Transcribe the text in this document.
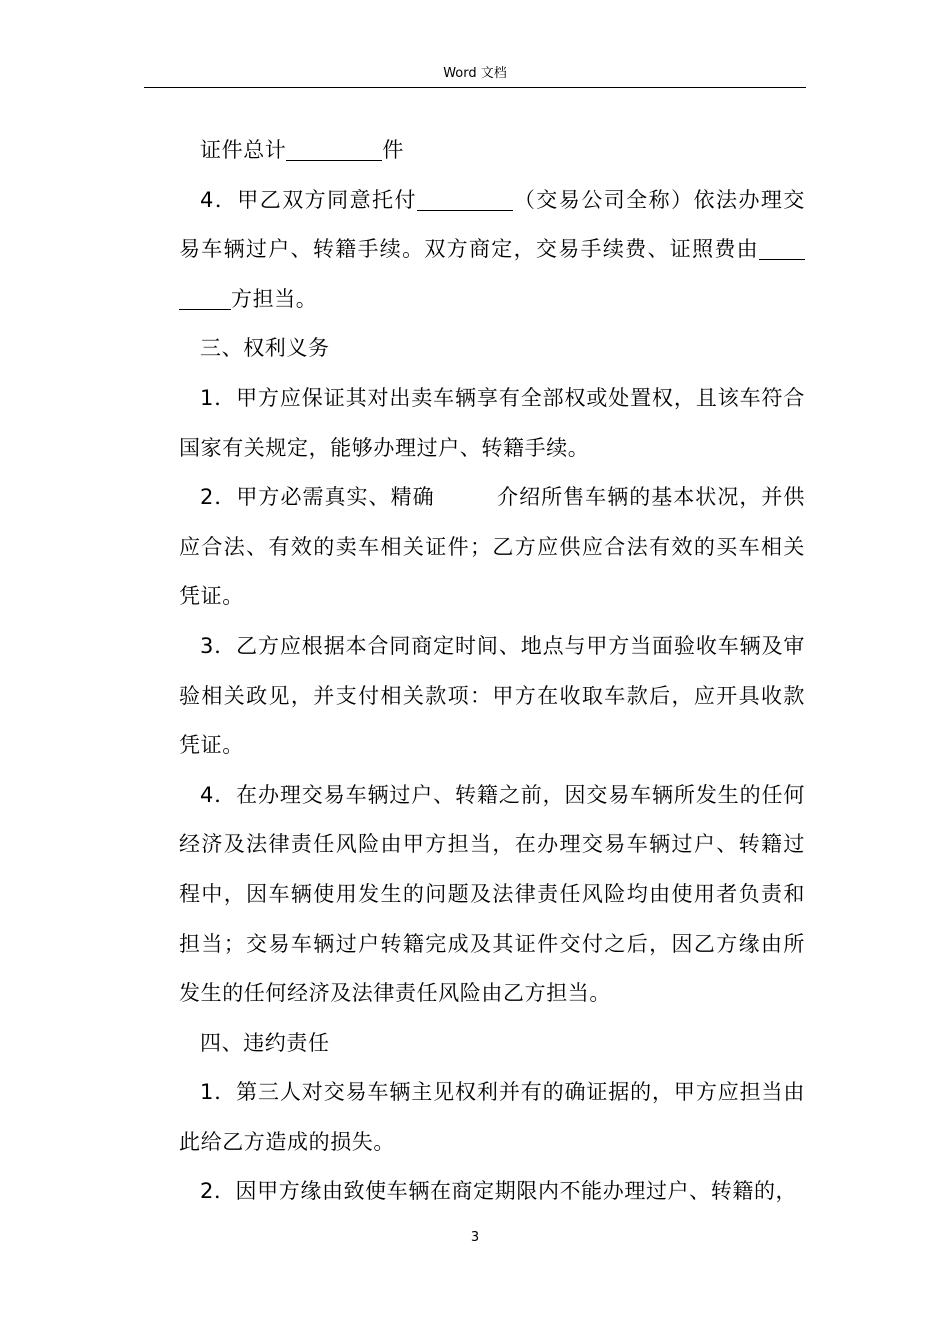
Word 文档

证件总计	件

4．甲乙双方同意托付	（交易公司全称）依法办理交易车辆过户、转籍手续。双方商定，交易手续费、证照费由方担当。

三、权利义务

1．甲方应保证其对出卖车辆享有全部权或处置权，且该车符合国家有关规定，能够办理过户、转籍手续。

2．甲方必需真实、精确	介绍所售车辆的基本状况，并供应合法、有效的卖车相关证件；乙方应供应合法有效的买车相关凭证。

3．乙方应根据本合同商定时间、地点与甲方当面验收车辆及审验相关政见，并支付相关款项：甲方在收取车款后，应开具收款凭证。

4．在办理交易车辆过户、转籍之前，因交易车辆所发生的任何经济及法律责任风险由甲方担当，在办理交易车辆过户、转籍过程中，因车辆使用发生的问题及法律责任风险均由使用者负责和担当；交易车辆过户转籍完成及其证件交付之后，因乙方缘由所发生的任何经济及法律责任风险由乙方担当。

四、违约责任

1．第三人对交易车辆主见权利并有的确证据的，甲方应担当由此给乙方造成的损失。

2．因甲方缘由致使车辆在商定期限内不能办理过户、转籍的，

3
